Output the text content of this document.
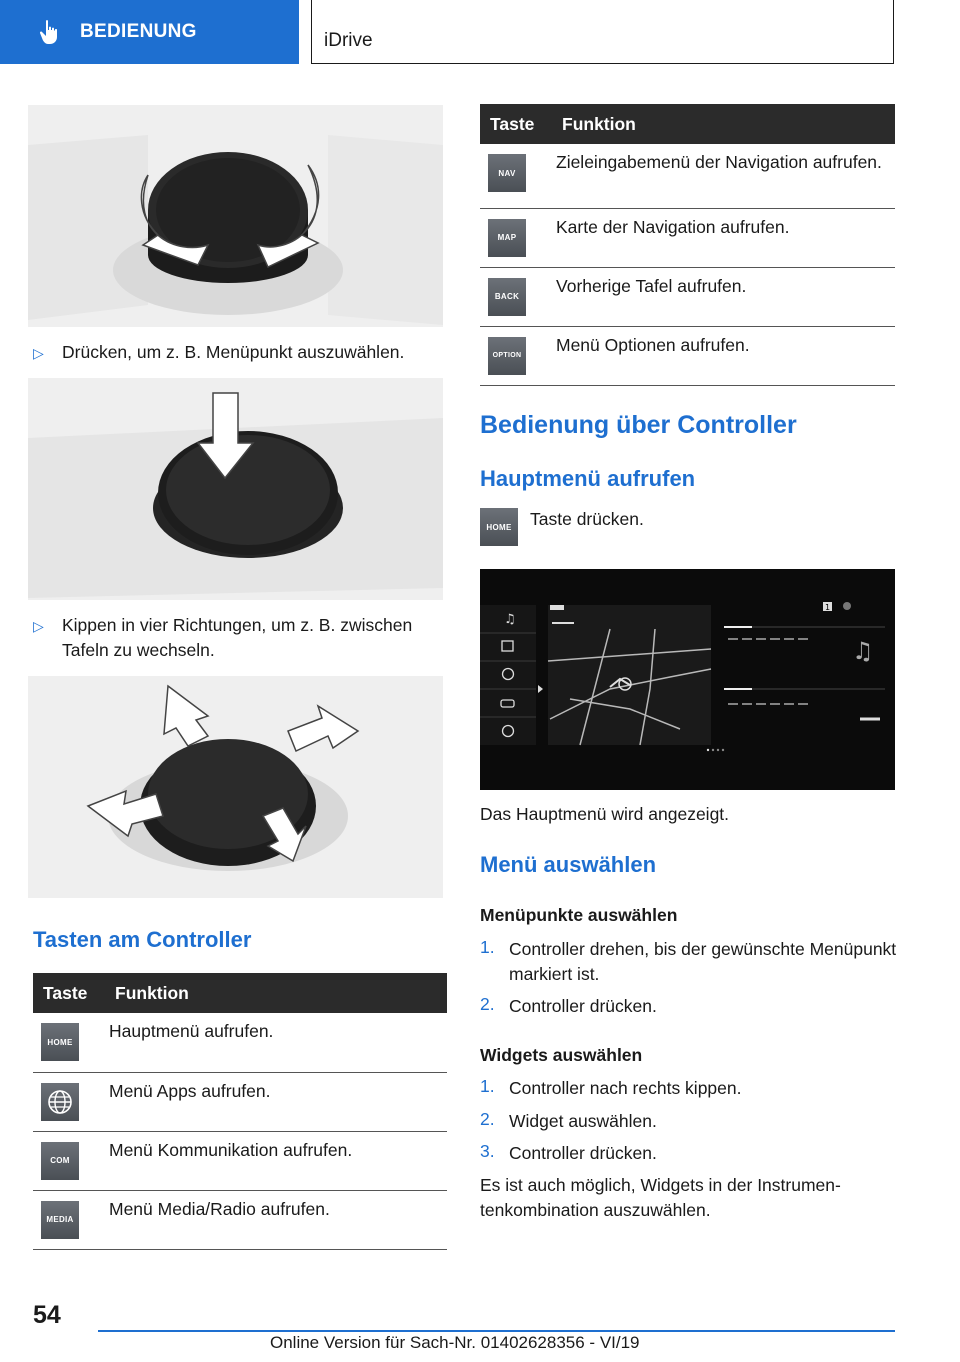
BEDIENUNG	iDrive
▷ Drücken, um z. B. Menüpunkt auszuwählen.
▷ Kippen in vier Richtungen, um z. B. zwischen Tafeln zu wechseln.
Tasten am Controller
Taste	Funktion

HOME	Hauptmenü aufrufen.

	Menü Apps aufrufen.

COM	Menü Kommunikation aufrufen.

MEDIA	Menü Media/Radio aufrufen.
Taste	Funktion

NAV	Zieleingabemenü der Navigation aufrufen.

MAP	Karte der Navigation aufrufen.

BACK	Vorherige Tafel aufrufen.

OPTION	Menü Optionen aufrufen.
Bedienung über Controller
Hauptmenü aufrufen
HOME	Taste drücken.
♫
♫
1
Das Hauptmenü wird angezeigt.
Menü auswählen
Menüpunkte auswählen
1. Controller drehen, bis der gewünschte Menüpunkt markiert ist.
2. Controller drücken.
Widgets auswählen
1. Controller nach rechts kippen.
2. Widget auswählen.
3. Controller drücken.
Es ist auch möglich, Widgets in der Instrumentenkombination auszuwählen.
54
Online Version für Sach-Nr. 01402628356 - VI/19
